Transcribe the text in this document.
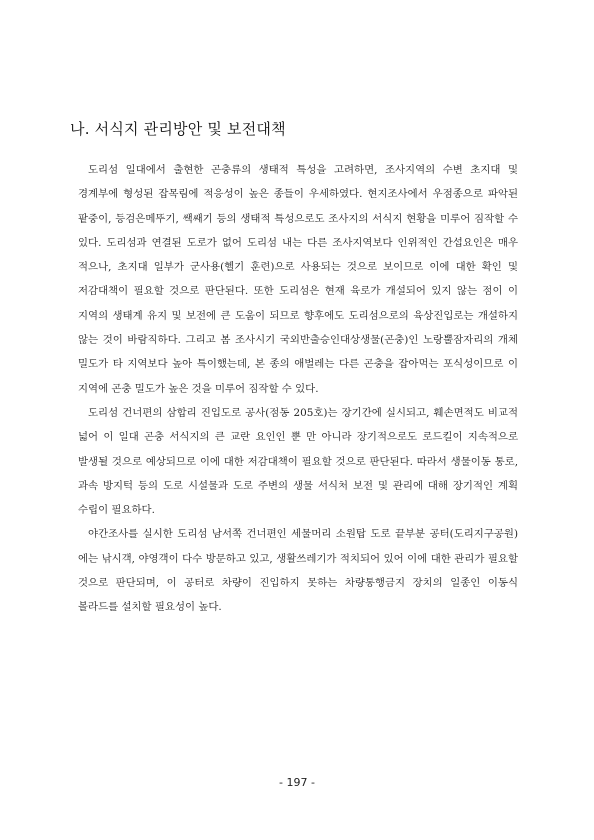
나. 서식지 관리방안 및 보전대책

도리섬 일대에서 출현한 곤충류의 생태적 특성을 고려하면, 조사지역의 수변 초지대 및 경계부에 형성된 잡목림에 적응성이 높은 종들이 우세하였다. 현지조사에서 우점종으로 파악된 팥중이, 등검은메뚜기, 쌕쌔기 등의 생태적 특성으로도 조사지의 서식지 현황을 미루어 짐작할 수 있다. 도리섬과 연결된 도로가 없어 도리섬 내는 다른 조사지역보다 인위적인 간섭요인은 매우 적으나, 초지대 일부가 군사용(헬기 훈련)으로 사용되는 것으로 보이므로 이에 대한 확인 및 저감대책이 필요할 것으로 판단된다. 또한 도리섬은 현재 육로가 개설되어 있지 않는 점이 이 지역의 생태계 유지 및 보전에 큰 도움이 되므로 향후에도 도리섬으로의 육상진입로는 개설하지 않는 것이 바람직하다. 그리고 봄 조사시기 국외반출승인대상생물(곤충)인 노랑뿔잠자리의 개체 밀도가 타 지역보다 높아 특이했는데, 본 종의 애벌레는 다른 곤충을 잡아먹는 포식성이므로 이 지역에 곤충 밀도가 높은 것을 미루어 짐작할 수 있다.

도리섬 건너편의 삼합리 진입도로 공사(점동 205호)는 장기간에 실시되고, 훼손면적도 비교적 넓어 이 일대 곤충 서식지의 큰 교란 요인인 뿐 만 아니라 장기적으로도 로드킬이 지속적으로 발생될 것으로 예상되므로 이에 대한 저감대책이 필요할 것으로 판단된다. 따라서 생물이동 통로, 과속 방지턱 등의 도로 시설물과 도로 주변의 생물 서식처 보전 및 관리에 대해 장기적인 계획 수립이 필요하다.

야간조사를 실시한 도리섬 남서쪽 건너편인 세물머리 소원탑 도로 끝부분 공터(도리지구공원)에는 낚시객, 야영객이 다수 방문하고 있고, 생활쓰레기가 적치되어 있어 이에 대한 관리가 필요할 것으로 판단되며, 이 공터로 차량이 진입하지 못하는 차량통행금지 장치의 일종인 이동식 볼라드를 설치할 필요성이 높다.

- 197 -
